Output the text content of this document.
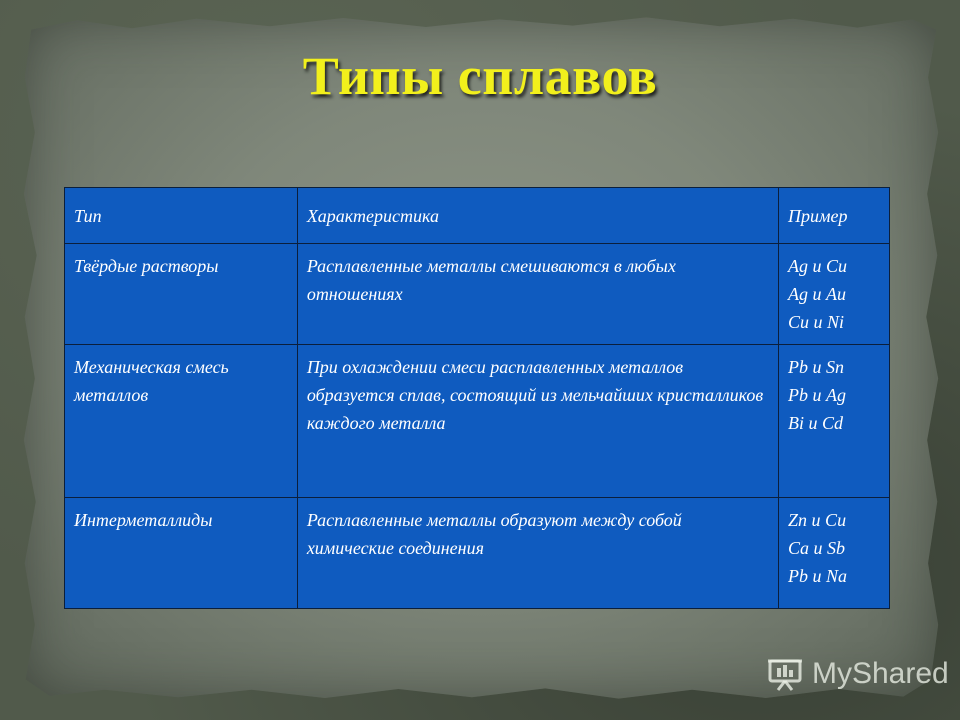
Типы сплавов
Тип	Характеристика	Пример
Твёрдые растворы	Расплавленные металлы смешиваются в любых отношениях	Ag и Cu
Ag и Au
Cu и Ni

Механическая смесь металлов	При охлаждении смеси расплавленных металлов образуется сплав, состоящий из мельчайших кристалликов каждого металла	Pb и Sn
Pb и Ag
Bi и Cd

Интерметаллиды	Расплавленные металлы образуют между собой химические соединения	Zn и Cu
Ca и Sb
Pb и Na
MyShared
